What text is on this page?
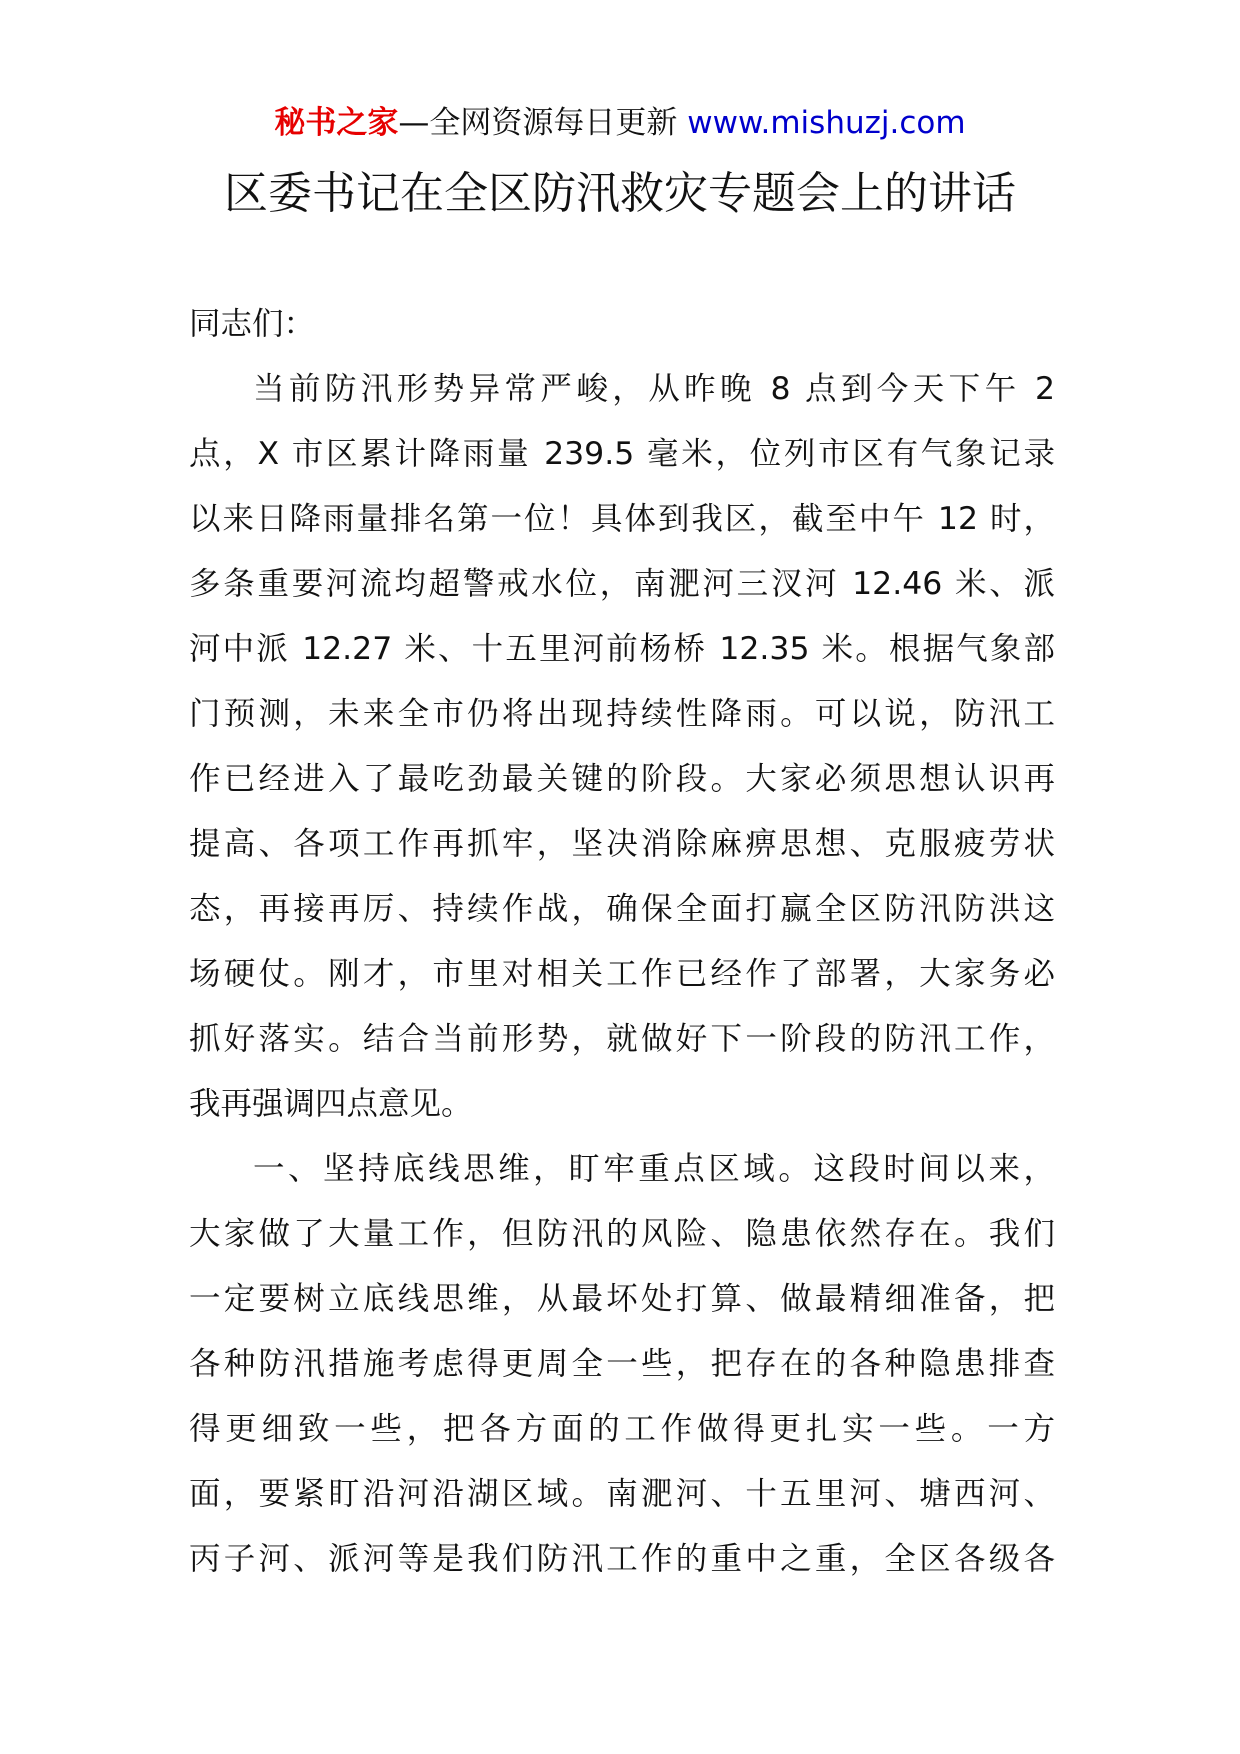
秘书之家—全网资源每日更新 www.mishuzj.com
区委书记在全区防汛救灾专题会上的讲话
同志们：
当前防汛形势异常严峻，从昨晚 8 点到今天下午 2
点，X 市区累计降雨量 239.5 毫米，位列市区有气象记录
以来日降雨量排名第一位！具体到我区，截至中午 12 时，
多条重要河流均超警戒水位，南淝河三汊河 12.46 米、派
河中派 12.27 米、十五里河前杨桥 12.35 米。根据气象部
门预测，未来全市仍将出现持续性降雨。可以说，防汛工
作已经进入了最吃劲最关键的阶段。大家必须思想认识再
提高、各项工作再抓牢，坚决消除麻痹思想、克服疲劳状
态，再接再厉、持续作战，确保全面打赢全区防汛防洪这
场硬仗。刚才，市里对相关工作已经作了部署，大家务必
抓好落实。结合当前形势，就做好下一阶段的防汛工作，
我再强调四点意见。
一、坚持底线思维，盯牢重点区域。这段时间以来，
大家做了大量工作，但防汛的风险、隐患依然存在。我们
一定要树立底线思维，从最坏处打算、做最精细准备，把
各种防汛措施考虑得更周全一些，把存在的各种隐患排查
得更细致一些，把各方面的工作做得更扎实一些。一方
面，要紧盯沿河沿湖区域。南淝河、十五里河、塘西河、
丙子河、派河等是我们防汛工作的重中之重，全区各级各
